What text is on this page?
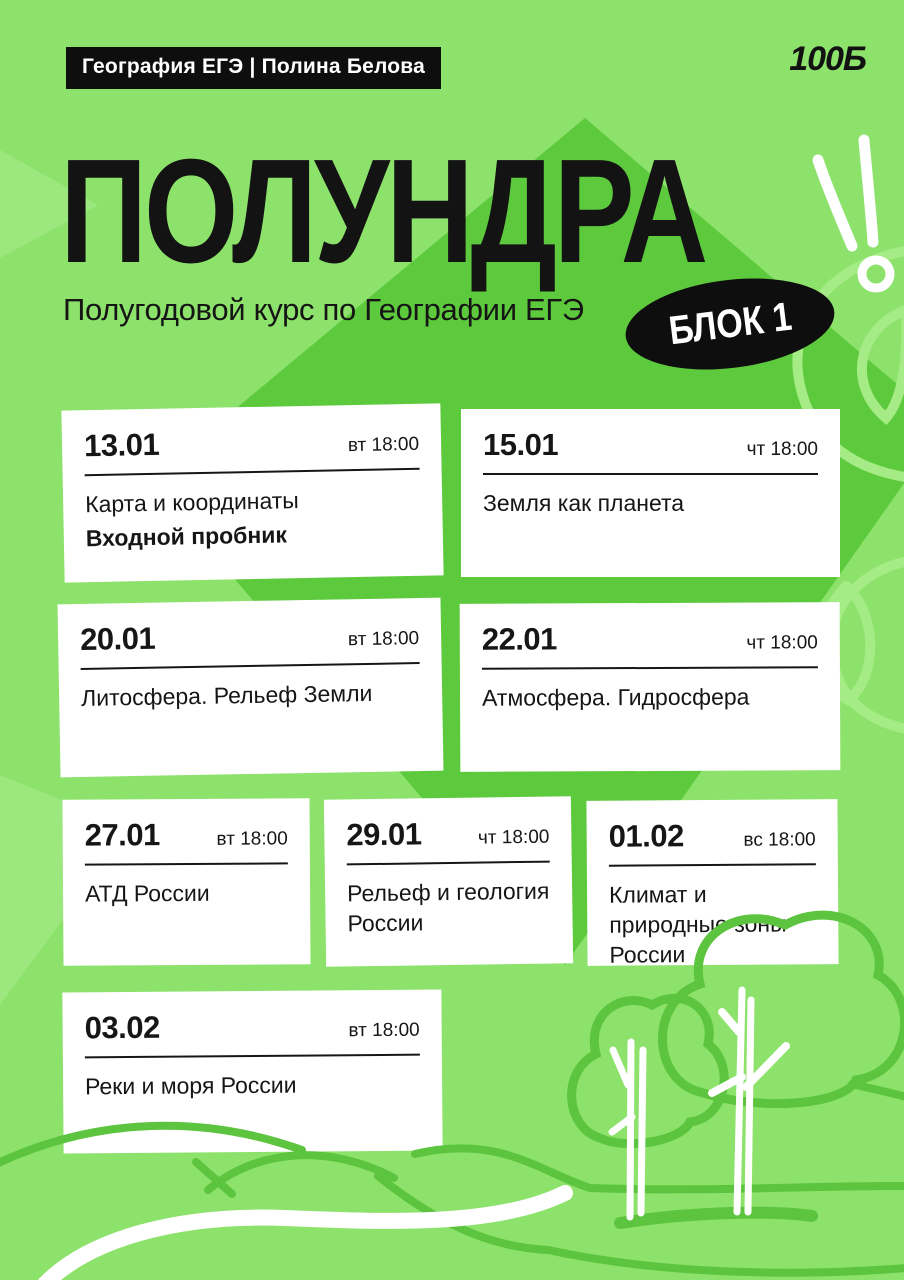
География ЕГЭ | Полина Белова	100Б
ПОЛУНДРА
Полугодовой курс по Географии ЕГЭ БЛОК 1
13.01	вт 18:00
Карта и координаты
Входной пробник
15.01	чт 18:00
Земля как планета
20.01	вт 18:00
Литосфера. Рельеф Земли
22.01	чт 18:00
Атмосфера. Гидросфера
27.01	вт 18:00
АТД России
29.01	чт 18:00
Рельеф и геология России
01.02	вс 18:00
Климат и природные зоны России
03.02	вт 18:00
Реки и моря России
